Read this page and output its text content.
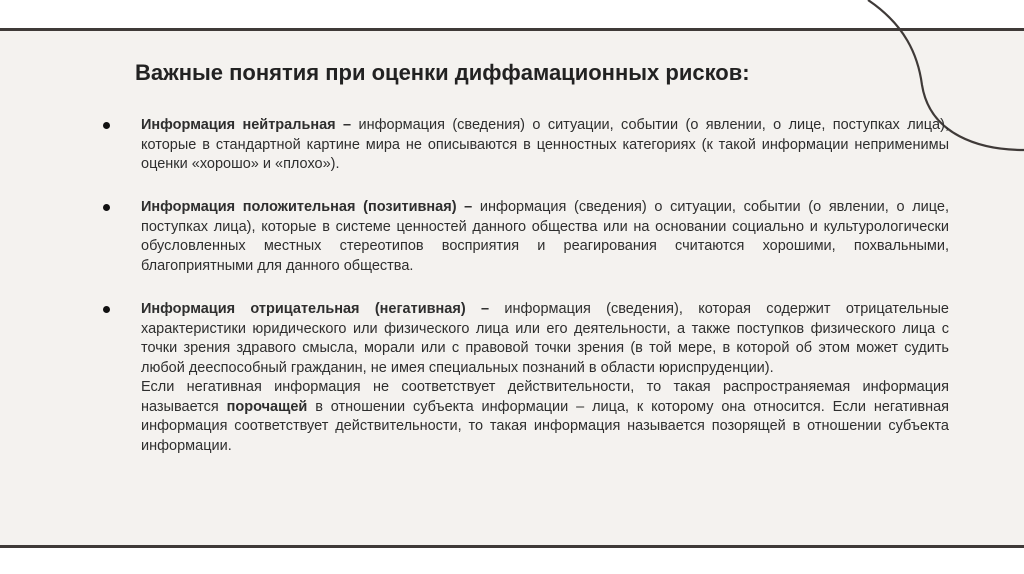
Важные понятия при оценки диффамационных рисков:
Информация нейтральная – информация (сведения) о ситуации, событии (о явлении, о лице, поступках лица), которые в стандартной картине мира не описываются в ценностных категориях (к такой информации неприменимы оценки «хорошо» и «плохо»).
Информация положительная (позитивная) – информация (сведения) о ситуации, событии (о явлении, о лице, поступках лица), которые в системе ценностей данного общества или на основании социально и культурологически обусловленных местных стереотипов восприятия и реагирования считаются хорошими, похвальными, благоприятными для данного общества.
Информация отрицательная (негативная) – информация (сведения), которая содержит отрицательные характеристики юридического или физического лица или его деятельности, а также поступков физического лица с точки зрения здравого смысла, морали или с правовой точки зрения (в той мере, в которой об этом может судить любой дееспособный гражданин, не имея специальных познаний в области юриспруденции).
Если негативная информация не соответствует действительности, то такая распространяемая информация называется порочащей в отношении субъекта информации – лица, к которому она относится. Если негативная информация соответствует действительности, то такая информация называется позорящей в отношении субъекта информации.
